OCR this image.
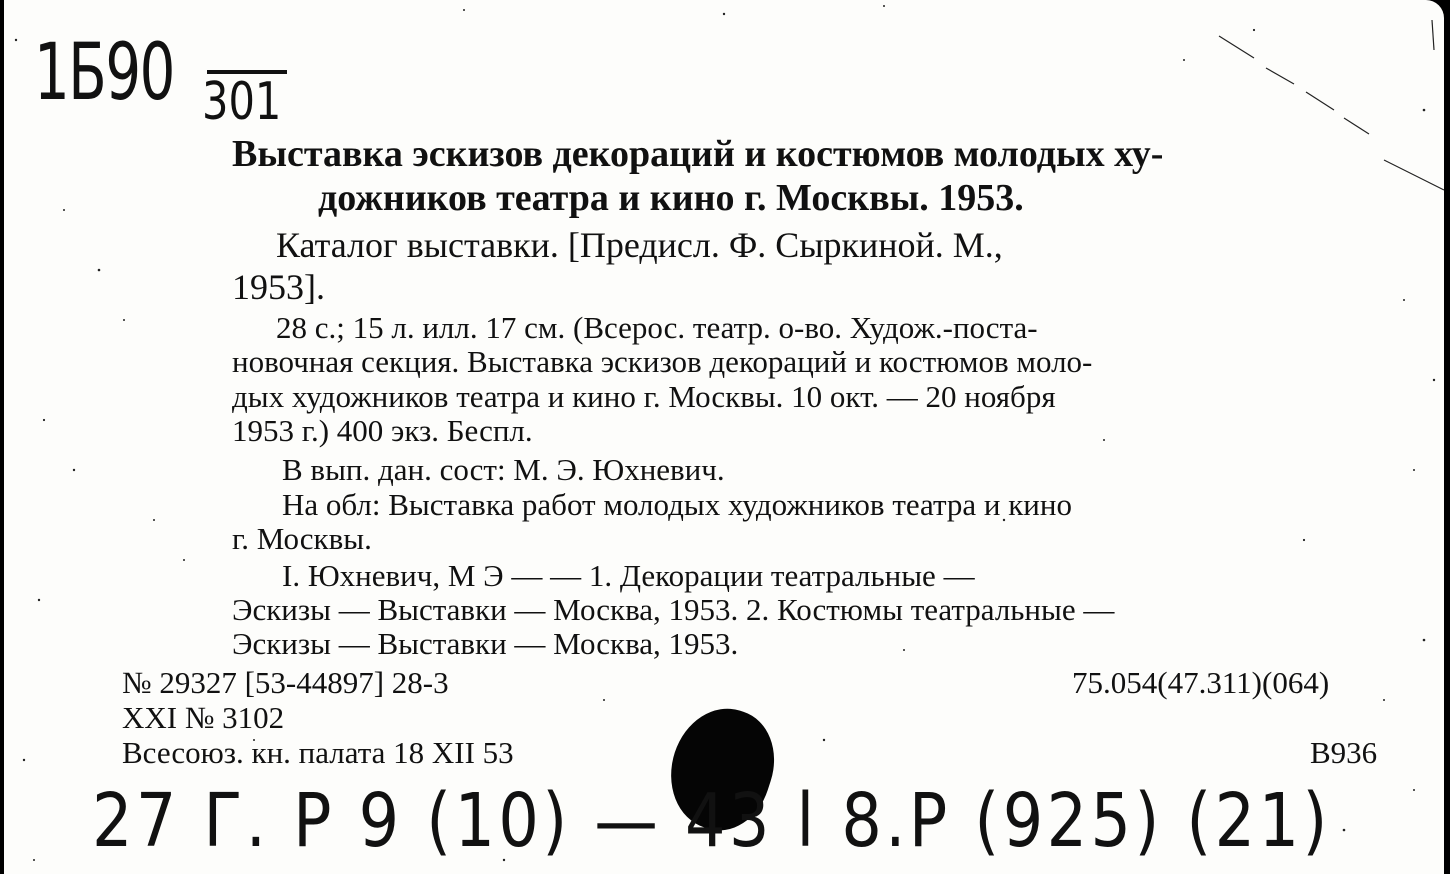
1Б90 301
Выставка эскизов декораций и костюмов молодых ху-
дожников театра и кино г. Москвы. 1953.
Каталог выставки. [Предисл. Ф. Сыркиной. М.,
1953].
28 с.; 15 л. илл. 17 см. (Всерос. театр. о-во. Худож.-поста-
новочная секция. Выставка эскизов декораций и костюмов моло-
дых художников театра и кино г. Москвы. 10 окт. — 20 ноября
1953 г.) 400 экз. Беспл.
В вып. дан. сост: М. Э. Юхневич.
На обл: Выставка работ молодых художников театра и кино
г. Москвы.
I. Юхневич, М Э — — 1. Декорации театральные —
Эскизы — Выставки — Москва, 1953. 2. Костюмы театральные —
Эскизы — Выставки — Москва, 1953.
№ 29327 [53-44897] 28-3	75.054(47.311)(064)
XXI № 3102
Всесоюз. кн. палата 18 XII 53	В936
27 Г. Р 9 (10) — 43 l 8.Р (925) (21)
